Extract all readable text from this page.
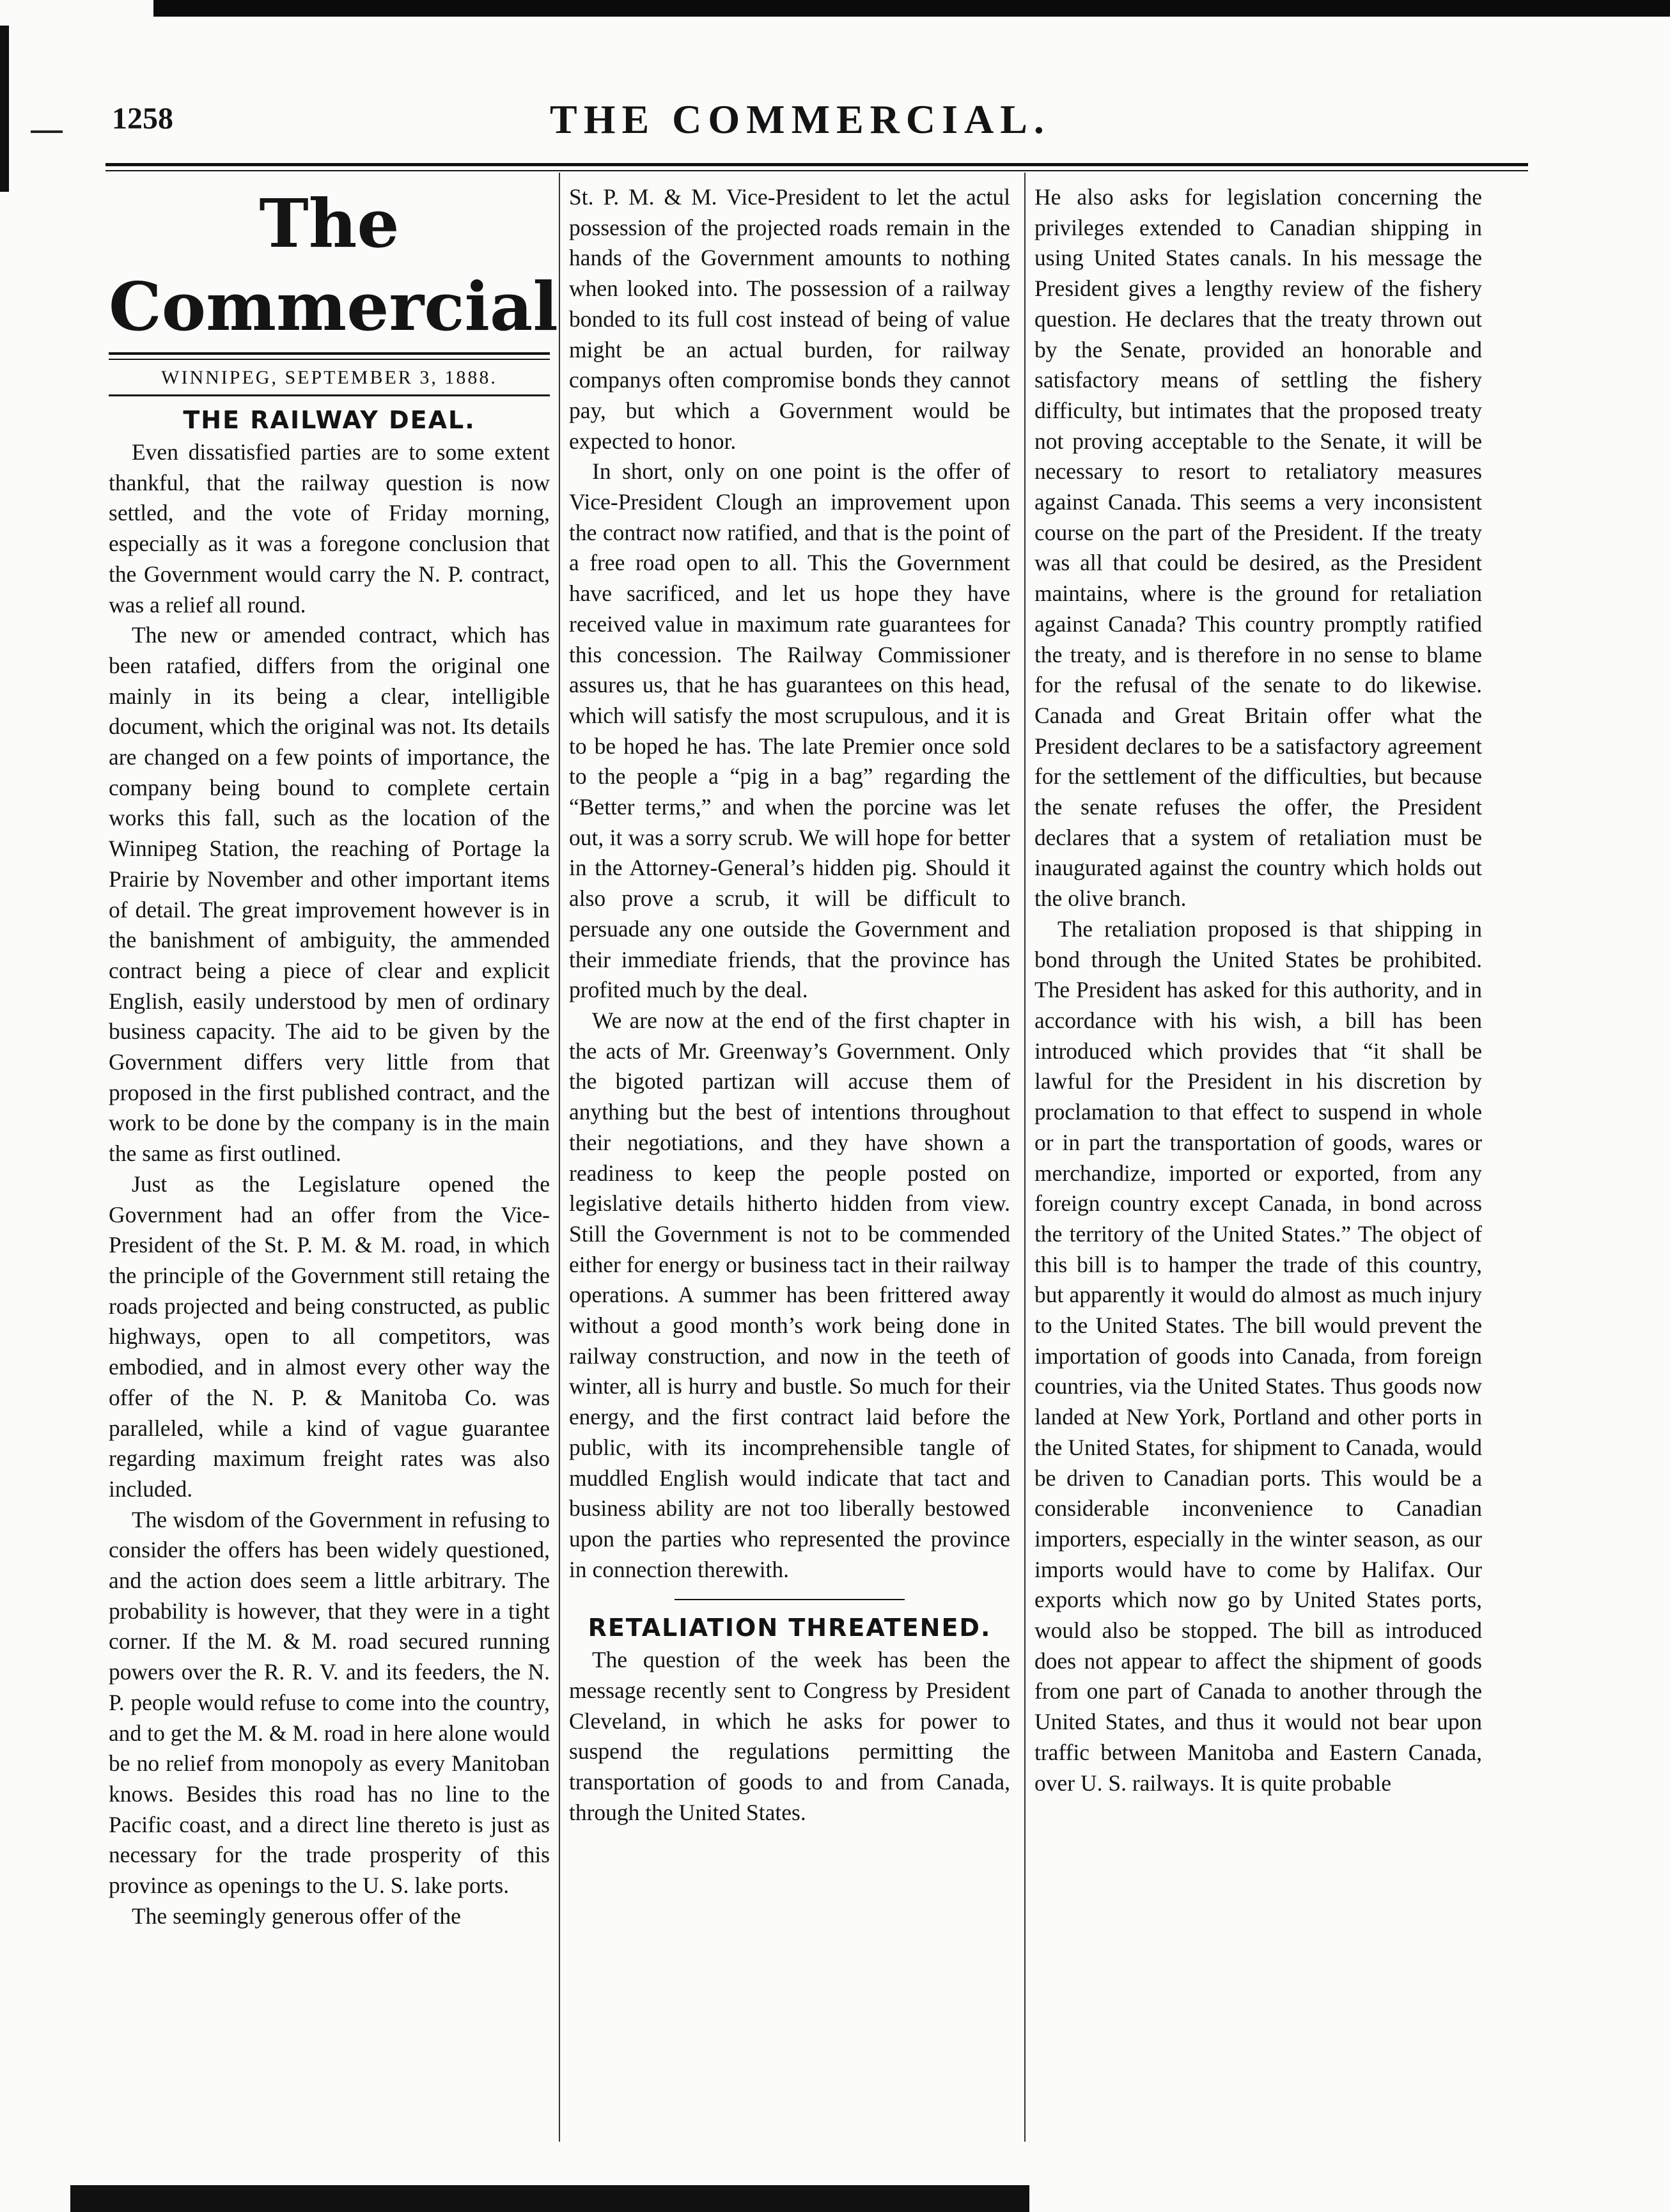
1258	THE COMMERCIAL.
The Commercial
WINNIPEG, SEPTEMBER 3, 1888.
THE RAILWAY DEAL.

Even dissatisfied parties are to some extent thankful, that the railway question is now settled, and the vote of Friday morning, especially as it was a foregone conclusion that the Government would carry the N. P. contract, was a relief all round.

The new or amended contract, which has been ratafied, differs from the original one mainly in its being a clear, intelligible document, which the original was not. Its details are changed on a few points of importance, the company being bound to complete certain works this fall, such as the location of the Winnipeg Station, the reaching of Portage la Prairie by November and other important items of detail. The great improvement however is in the banishment of ambiguity, the ammended contract being a piece of clear and explicit English, easily understood by men of ordinary business capacity. The aid to be given by the Government differs very little from that proposed in the first published contract, and the work to be done by the company is in the main the same as first outlined.

Just as the Legislature opened the Government had an offer from the Vice-President of the St. P. M. & M. road, in which the principle of the Government still retaing the roads projected and being constructed, as public highways, open to all competitors, was embodied, and in almost every other way the offer of the N. P. & Manitoba Co. was paralleled, while a kind of vague guarantee regarding maximum freight rates was also included.

The wisdom of the Government in refusing to consider the offers has been widely questioned, and the action does seem a little arbitrary. The probability is however, that they were in a tight corner. If the M. & M. road secured running powers over the R. R. V. and its feeders, the N. P. people would refuse to come into the country, and to get the M. & M. road in here alone would be no relief from monopoly as every Manitoban knows. Besides this road has no line to the Pacific coast, and a direct line thereto is just as necessary for the trade prosperity of this province as openings to the U. S. lake ports.

The seemingly generous offer of the

St. P. M. & M. Vice-President to let the actul possession of the projected roads remain in the hands of the Government amounts to nothing when looked into. The possession of a railway bonded to its full cost instead of being of value might be an actual burden, for railway companys often compromise bonds they cannot pay, but which a Government would be expected to honor.

In short, only on one point is the offer of Vice-President Clough an improvement upon the contract now ratified, and that is the point of a free road open to all. This the Government have sacrificed, and let us hope they have received value in maximum rate guarantees for this concession. The Railway Commissioner assures us, that he has guarantees on this head, which will satisfy the most scrupulous, and it is to be hoped he has. The late Premier once sold to the people a “pig in a bag” regarding the “Better terms,” and when the porcine was let out, it was a sorry scrub. We will hope for better in the Attorney-General’s hidden pig. Should it also prove a scrub, it will be difficult to persuade any one outside the Government and their immediate friends, that the province has profited much by the deal.

We are now at the end of the first chapter in the acts of Mr. Greenway’s Government. Only the bigoted partizan will accuse them of anything but the best of intentions throughout their negotiations, and they have shown a readiness to keep the people posted on legislative details hitherto hidden from view. Still the Government is not to be commended either for energy or business tact in their railway operations. A summer has been frittered away without a good month’s work being done in railway construction, and now in the teeth of winter, all is hurry and bustle. So much for their energy, and the first contract laid before the public, with its incomprehensible tangle of muddled English would indicate that tact and business ability are not too liberally bestowed upon the parties who represented the province in connection therewith.

RETALIATION THREATENED.

The question of the week has been the message recently sent to Congress by President Cleveland, in which he asks for power to suspend the regulations permitting the transportation of goods to and from Canada, through the United States.

He also asks for legislation concerning the privileges extended to Canadian shipping in using United States canals. In his message the President gives a lengthy review of the fishery question. He declares that the treaty thrown out by the Senate, provided an honorable and satisfactory means of settling the fishery difficulty, but intimates that the proposed treaty not proving acceptable to the Senate, it will be necessary to resort to retaliatory measures against Canada. This seems a very inconsistent course on the part of the President. If the treaty was all that could be desired, as the President maintains, where is the ground for retaliation against Canada? This country promptly ratified the treaty, and is therefore in no sense to blame for the refusal of the senate to do likewise. Canada and Great Britain offer what the President declares to be a satisfactory agreement for the settlement of the difficulties, but because the senate refuses the offer, the President declares that a system of retaliation must be inaugurated against the country which holds out the olive branch.

The retaliation proposed is that shipping in bond through the United States be prohibited. The President has asked for this authority, and in accordance with his wish, a bill has been introduced which provides that “it shall be lawful for the President in his discretion by proclamation to that effect to suspend in whole or in part the transportation of goods, wares or merchandize, imported or exported, from any foreign country except Canada, in bond across the territory of the United States.” The object of this bill is to hamper the trade of this country, but apparently it would do almost as much injury to the United States. The bill would prevent the importation of goods into Canada, from foreign countries, via the United States. Thus goods now landed at New York, Portland and other ports in the United States, for shipment to Canada, would be driven to Canadian ports. This would be a considerable inconvenience to Canadian importers, especially in the winter season, as our imports would have to come by Halifax. Our exports which now go by United States ports, would also be stopped. The bill as introduced does not appear to affect the shipment of goods from one part of Canada to another through the United States, and thus it would not bear upon traffic between Manitoba and Eastern Canada, over U. S. railways. It is quite probable
